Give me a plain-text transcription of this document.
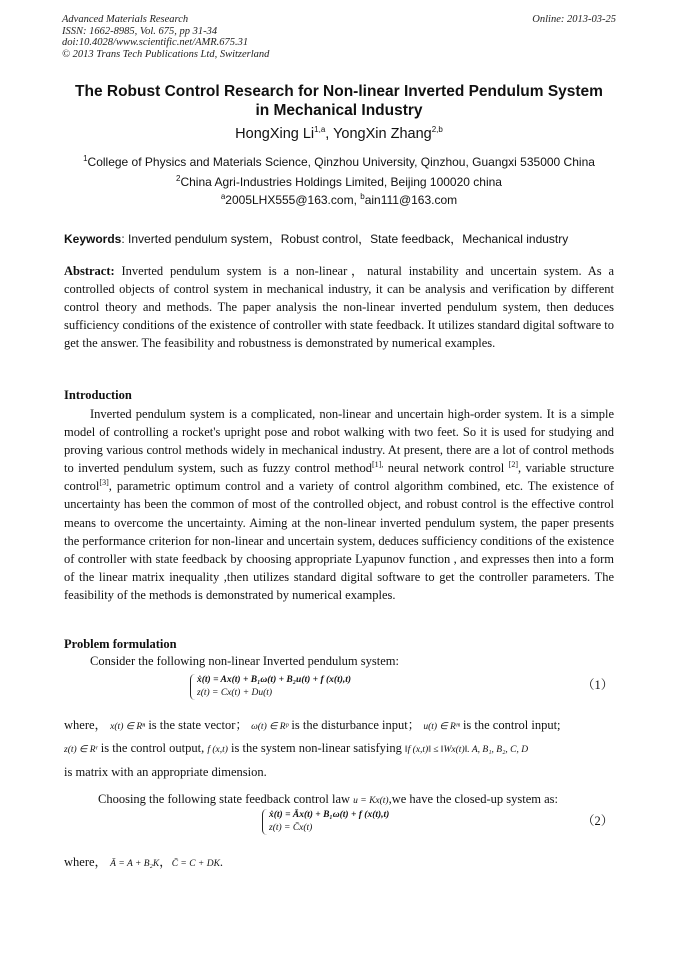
Advanced Materials Research
ISSN: 1662-8985, Vol. 675, pp 31-34
doi:10.4028/www.scientific.net/AMR.675.31
© 2013 Trans Tech Publications Ltd, Switzerland
Online: 2013-03-25
The Robust Control Research for Non-linear Inverted Pendulum System
in Mechanical Industry
HongXing Li$^{1,a}$, YongXin Zhang$^{2,b}$
$^1$College of Physics and Materials Science, Qinzhou University, Qinzhou, Guangxi 535000 China
$^2$China Agri-Industries Holdings Limited, Beijing 100020 china
$^a$2005LHX555@163.com, $^b$ain111@163.com
Keywords: Inverted pendulum system，Robust control，State feedback，Mechanical industry
Abstract: Inverted pendulum system is a non-linear，natural instability and uncertain system. As a controlled objects of control system in mechanical industry, it can be analysis and verification by different control theory and methods. The paper analysis the non-linear inverted pendulum system, then deduces sufficiency conditions of the existence of controller with state feedback. It utilizes standard digital software to get the answer. The feasibility and robustness is demonstrated by numerical examples.
Introduction
Inverted pendulum system is a complicated, non-linear and uncertain high-order system. It is a simple model of controlling a rocket's upright pose and robot walking with two feet. So it is used for studying and proving various control methods widely in mechanical industry. At present, there are a lot of control methods to inverted pendulum system, such as fuzzy control method$^{[1],}$ neural network control [2], variable structure control[3], parametric optimum control and a variety of control algorithm combined, etc. The existence of uncertainty has been the common of most of the controlled object, and robust control is the effective control means to overcome the uncertainty. Aiming at the non-linear inverted pendulum system, the paper presents the performance criterion for non-linear and uncertain system, deduces sufficiency conditions of the existence of controller with state feedback by choosing appropriate Lyapunov function , and expresses then into a form of the linear matrix inequality ,then utilizes standard digital software to get the controller parameters. The feasibility of the methods is demonstrated by numerical examples.
Problem formulation
Consider the following non-linear Inverted pendulum system:
ẋ(t) = Ax(t) + B₁ω(t) + B₂u(t) + f (x(t),t)
z(t) = Cx(t) + Du(t)
（1）
where， x(t) ∈ Rⁿ is the state vector； ω(t) ∈ Rᵖ is the disturbance input； u(t) ∈ Rᵐ is the control input;
z(t) ∈ Rʳ is the control output, f (x,t) is the system non-linear satisfying ‖f (x,t)‖ ≤ ‖Wx(t)‖. A, B₁, B₂, C, D
is matrix with an appropriate dimension.
Choosing the following state feedback control law u = Kx(t),we have the closed-up system as:
ẋ(t) = Āx(t) + B₁ω(t) + f (x(t),t)
z(t) = C̄x(t)	（2）
where， Ā = A + B₂K，C̄ = C + DK.
